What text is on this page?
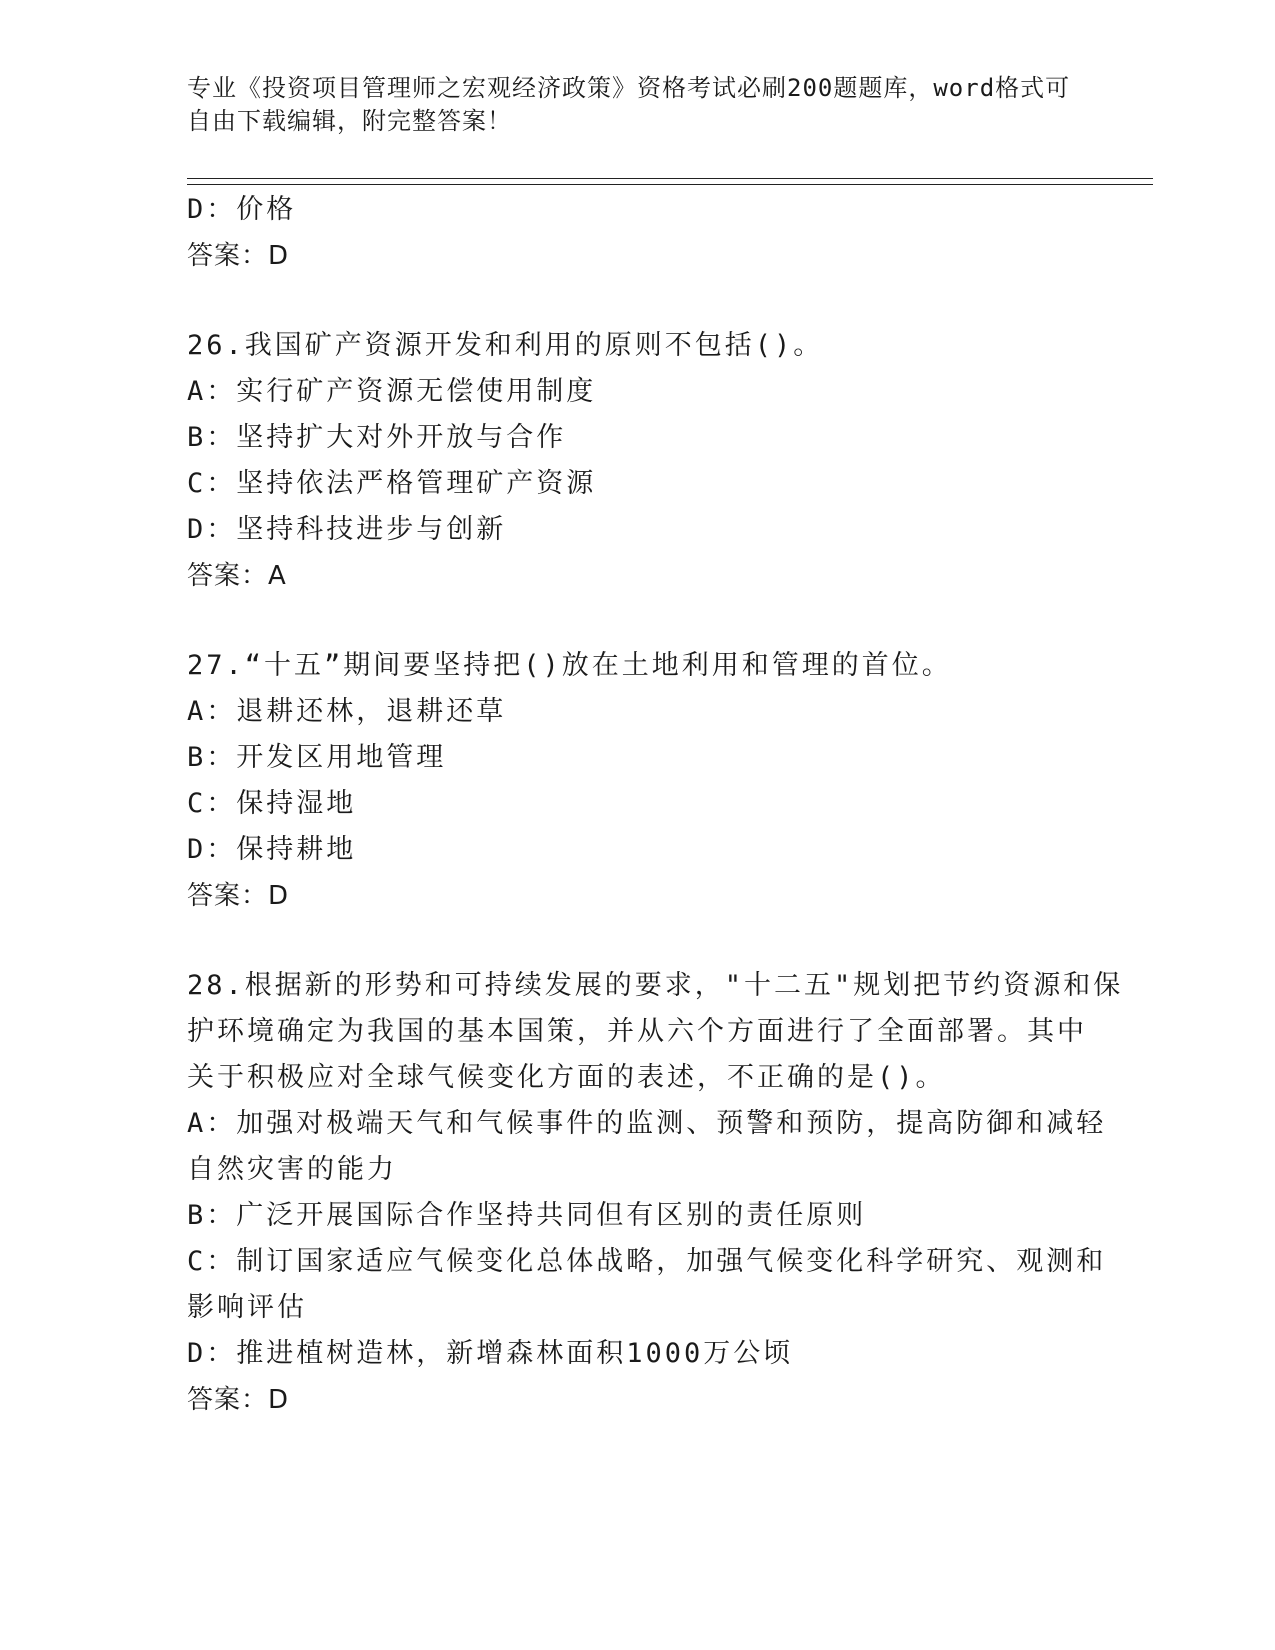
专业《投资项目管理师之宏观经济政策》资格考试必刷200题题库，word格式可
自由下载编辑，附完整答案！
D：价格
答案：D
26.我国矿产资源开发和利用的原则不包括()。
A：实行矿产资源无偿使用制度
B：坚持扩大对外开放与合作
C：坚持依法严格管理矿产资源
D：坚持科技进步与创新
答案：A
27.“十五”期间要坚持把()放在土地利用和管理的首位。
A：退耕还林，退耕还草
B：开发区用地管理
C：保持湿地
D：保持耕地
答案：D
28.根据新的形势和可持续发展的要求，"十二五"规划把节约资源和保
护环境确定为我国的基本国策，并从六个方面进行了全面部署。其中
关于积极应对全球气候变化方面的表述，不正确的是()。
A：加强对极端天气和气候事件的监测、预警和预防，提高防御和减轻
自然灾害的能力
B：广泛开展国际合作坚持共同但有区别的责任原则
C：制订国家适应气候变化总体战略，加强气候变化科学研究、观测和
影响评估
D：推进植树造林，新增森林面积1000万公顷
答案：D
